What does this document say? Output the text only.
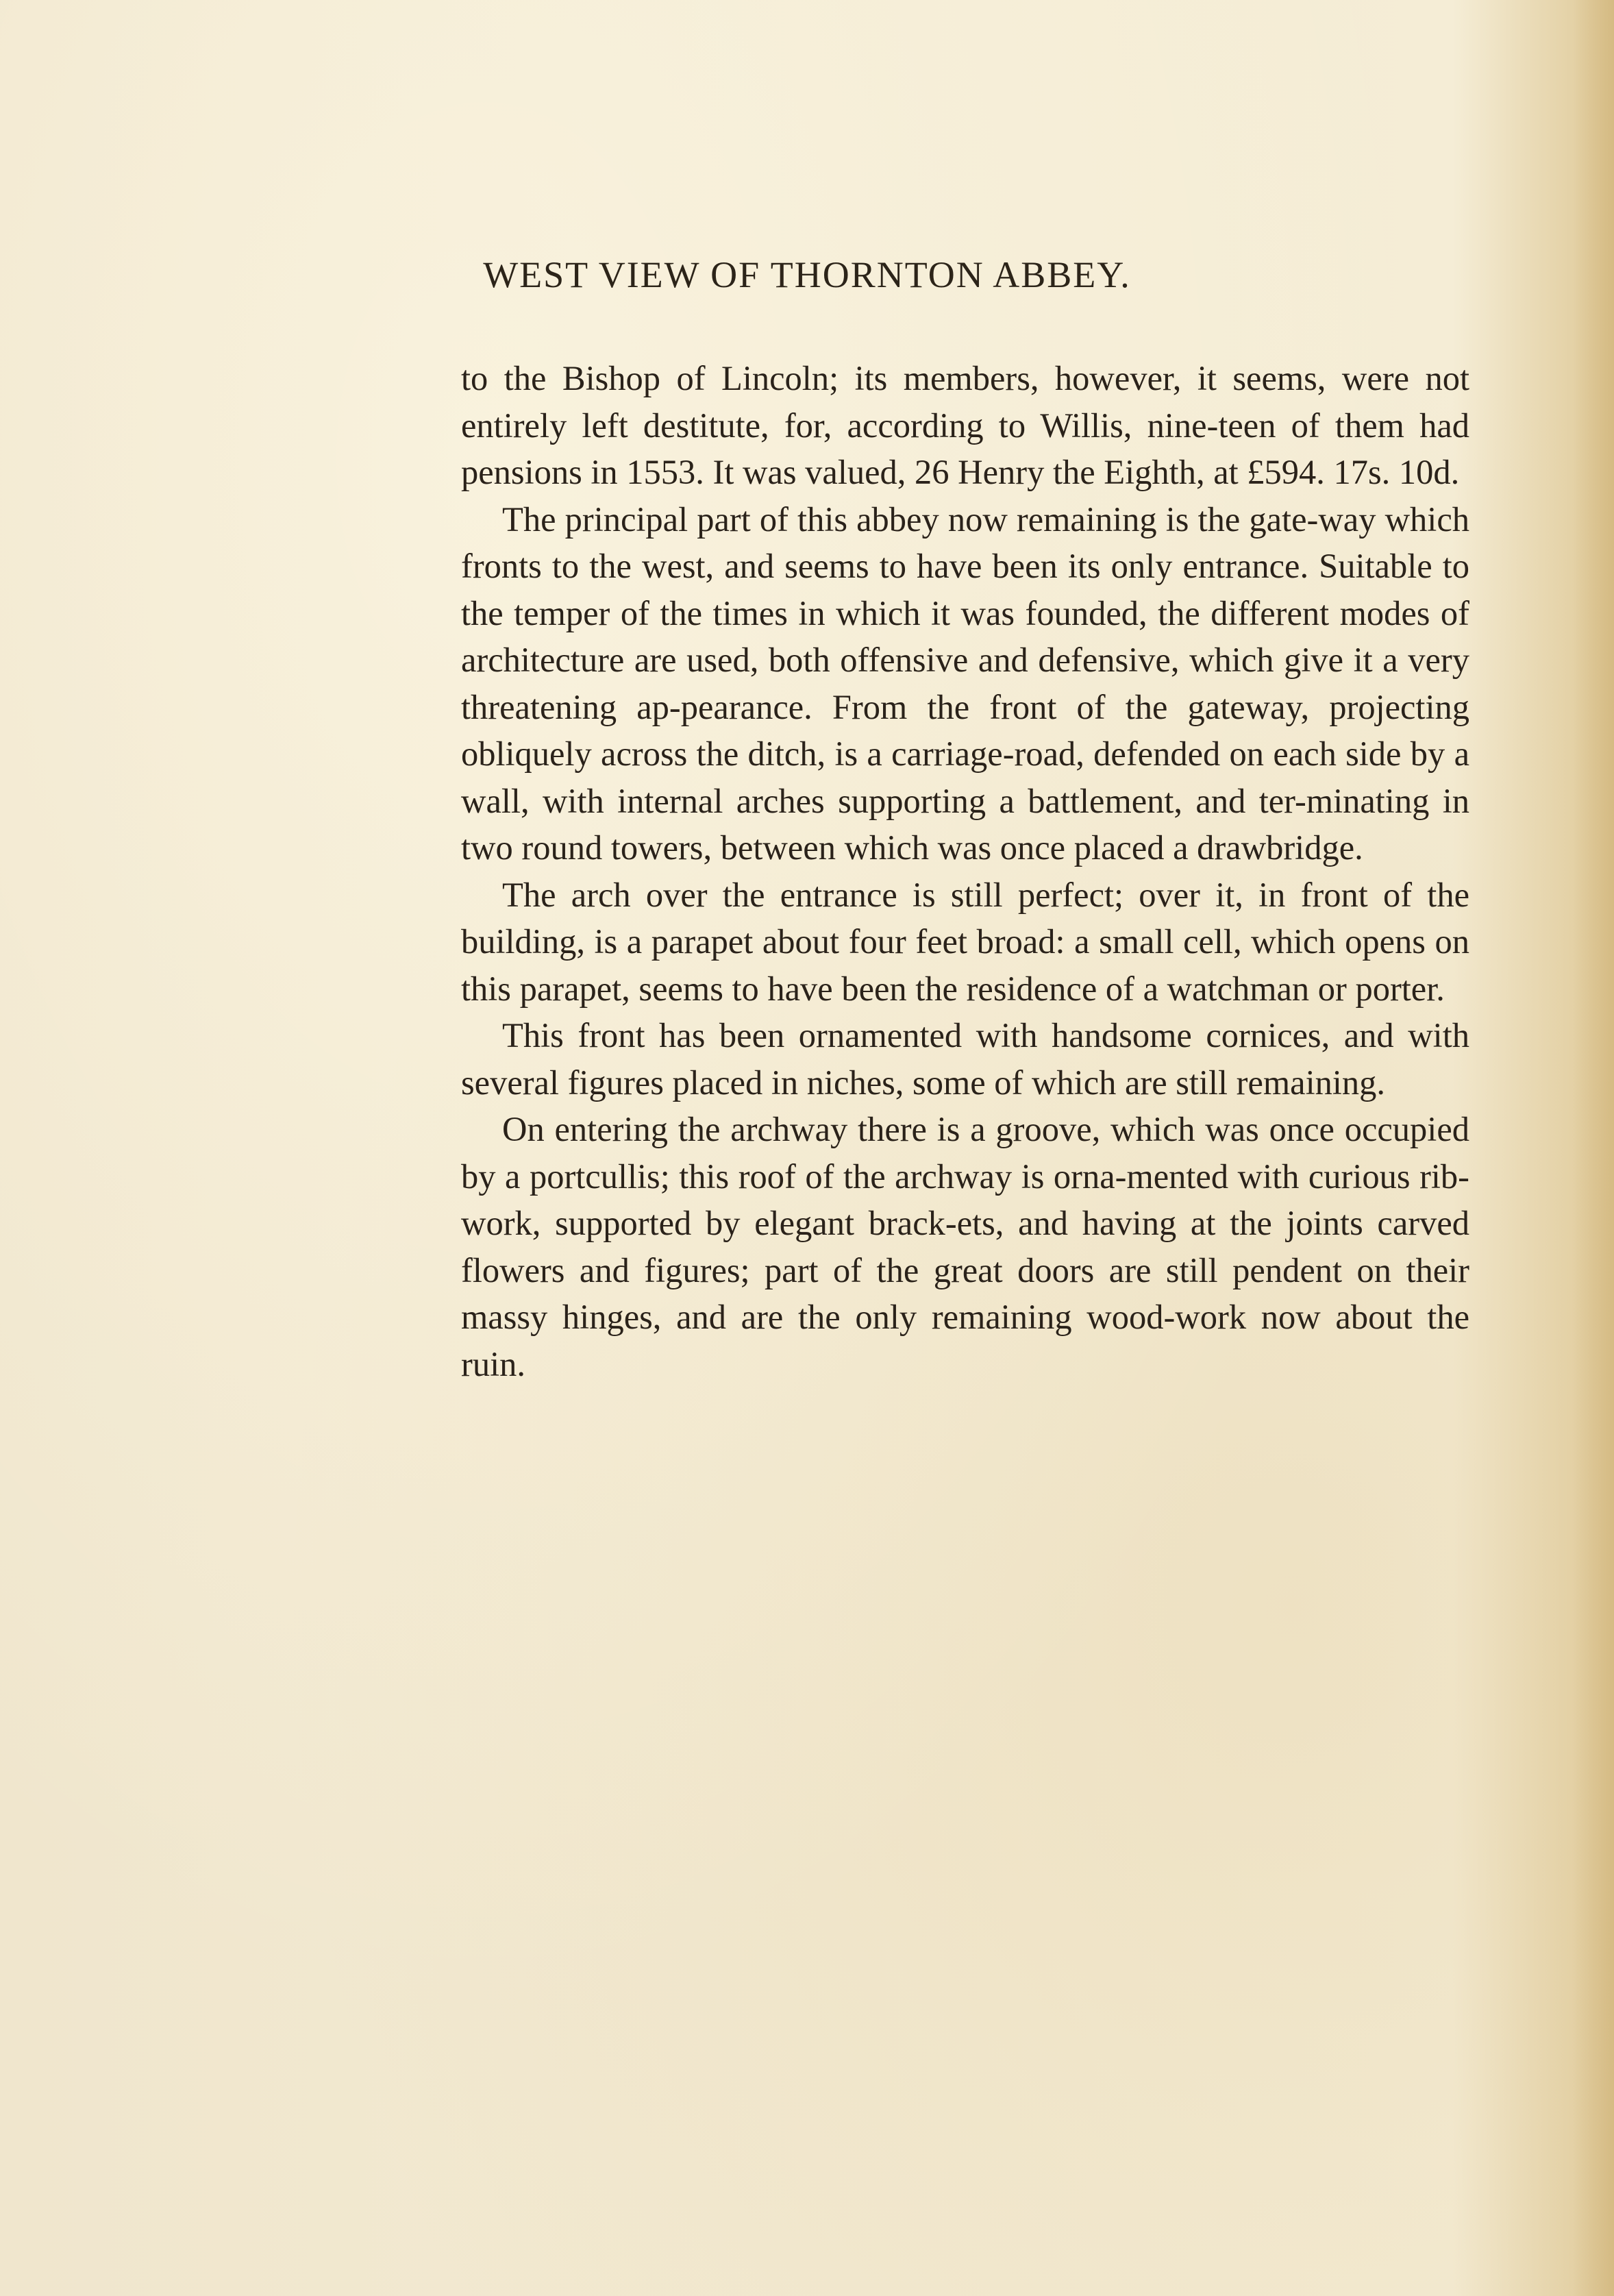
WEST VIEW OF THORNTON ABBEY.

to the Bishop of Lincoln; its members, however, it seems, were not entirely left destitute, for, according to Willis, nine-teen of them had pensions in 1553. It was valued, 26 Henry the Eighth, at £594. 17s. 10d.

The principal part of this abbey now remaining is the gate-way which fronts to the west, and seems to have been its only entrance. Suitable to the temper of the times in which it was founded, the different modes of architecture are used, both offensive and defensive, which give it a very threatening ap-pearance. From the front of the gateway, projecting obliquely across the ditch, is a carriage-road, defended on each side by a wall, with internal arches supporting a battlement, and ter-minating in two round towers, between which was once placed a drawbridge.

The arch over the entrance is still perfect; over it, in front of the building, is a parapet about four feet broad: a small cell, which opens on this parapet, seems to have been the residence of a watchman or porter.

This front has been ornamented with handsome cornices, and with several figures placed in niches, some of which are still remaining.

On entering the archway there is a groove, which was once occupied by a portcullis; this roof of the archway is orna-mented with curious rib-work, supported by elegant brack-ets, and having at the joints carved flowers and figures; part of the great doors are still pendent on their massy hinges, and are the only remaining wood-work now about the ruin.
